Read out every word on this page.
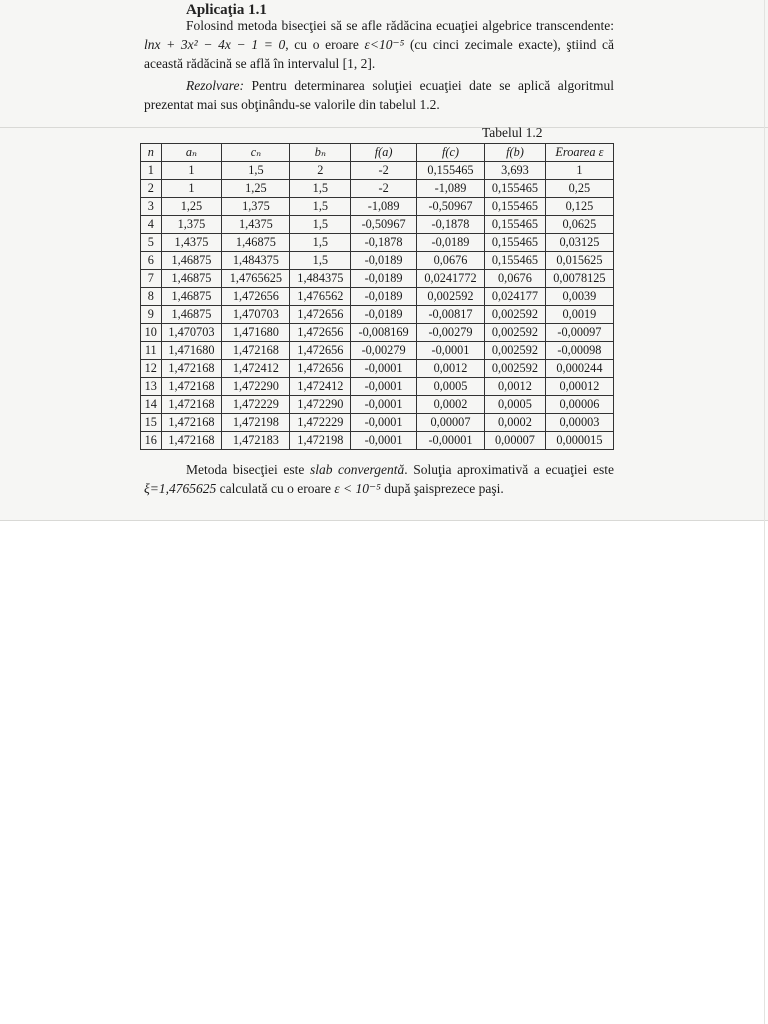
Aplicaţia 1.1
Folosind metoda bisecţiei să se afle rădăcina ecuaţiei algebrice transcendente: lnx + 3x² − 4x − 1 = 0, cu o eroare ε<10⁻⁵ (cu cinci zecimale exacte), ştiind că această rădăcină se află în intervalul [1, 2].
Rezolvare: Pentru determinarea soluţiei ecuaţiei date se aplică algoritmul prezentat mai sus obţinându-se valorile din tabelul 1.2.
Tabelul 1.2
n	aₙ	cₙ	bₙ	f(a)	f(c)	f(b)	Eroarea ε
1	1	1,5	2	-2	0,155465	3,693	1
2	1	1,25	1,5	-2	-1,089	0,155465	0,25
3	1,25	1,375	1,5	-1,089	-0,50967	0,155465	0,125
4	1,375	1,4375	1,5	-0,50967	-0,1878	0,155465	0,0625
5	1,4375	1,46875	1,5	-0,1878	-0,0189	0,155465	0,03125
6	1,46875	1,484375	1,5	-0,0189	0,0676	0,155465	0,015625
7	1,46875	1,4765625	1,484375	-0,0189	0,0241772	0,0676	0,0078125
8	1,46875	1,472656	1,476562	-0,0189	0,002592	0,024177	0,0039
9	1,46875	1,470703	1,472656	-0,0189	-0,00817	0,002592	0,0019
10	1,470703	1,471680	1,472656	-0,008169	-0,00279	0,002592	-0,00097
11	1,471680	1,472168	1,472656	-0,00279	-0,0001	0,002592	-0,00098
12	1,472168	1,472412	1,472656	-0,0001	0,0012	0,002592	0,000244
13	1,472168	1,472290	1,472412	-0,0001	0,0005	0,0012	0,00012
14	1,472168	1,472229	1,472290	-0,0001	0,0002	0,0005	0,00006
15	1,472168	1,472198	1,472229	-0,0001	0,00007	0,0002	0,00003
16	1,472168	1,472183	1,472198	-0,0001	-0,00001	0,00007	0,000015
Metoda bisecţiei este slab convergentă. Soluţia aproximativă a ecuaţiei este ξ=1,4765625 calculată cu o eroare ε < 10⁻⁵ după şaisprezece paşi.
